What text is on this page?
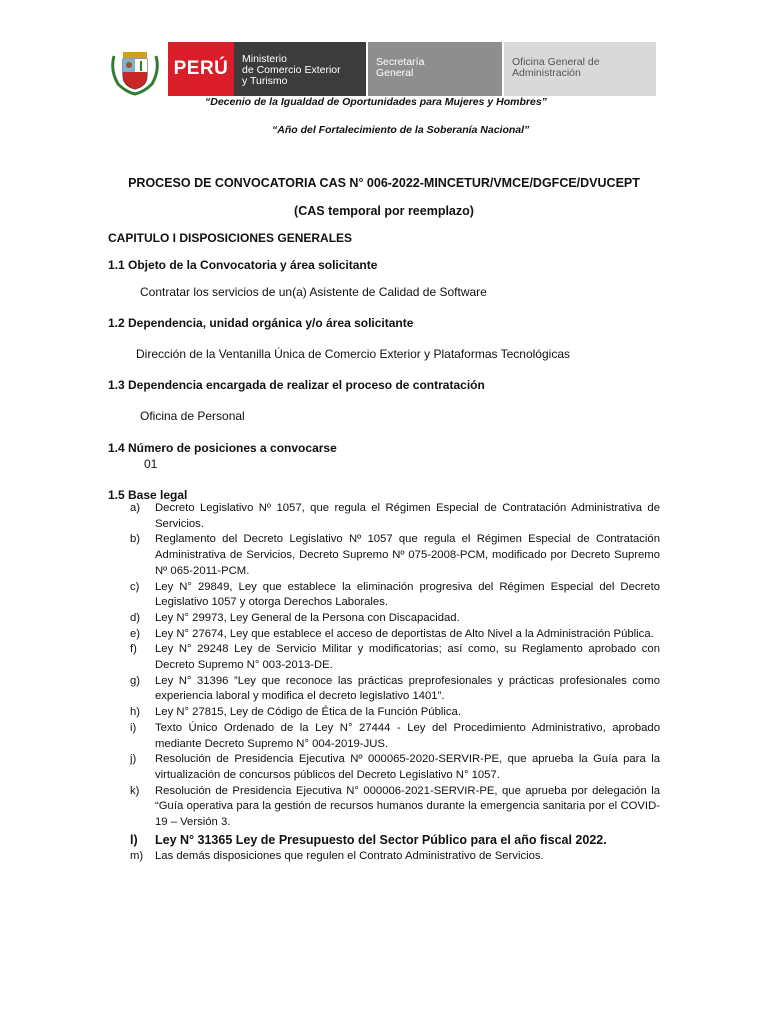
PERÚ	Ministerio
de Comercio Exterior
y Turismo
Secretaría
General
Oficina General de
Administración
“Decenio de la Igualdad de Oportunidades para Mujeres y Hombres”
“Año del Fortalecimiento de la Soberanía Nacional”
PROCESO DE CONVOCATORIA CAS N° 006-2022-MINCETUR/VMCE/DGFCE/DVUCEPT
(CAS temporal por reemplazo)
CAPITULO I DISPOSICIONES GENERALES
1.1 Objeto de la Convocatoria y área solicitante
Contratar los servicios de un(a) Asistente de Calidad de Software
1.2 Dependencia, unidad orgánica y/o área solicitante
Dirección de la Ventanilla Única de Comercio Exterior y Plataformas Tecnológicas
1.3 Dependencia encargada de realizar el proceso de contratación
Oficina de Personal
1.4 Número de posiciones a convocarse
01
1.5 Base legal
a) Decreto Legislativo Nº 1057, que regula el Régimen Especial de Contratación Administrativa de Servicios.
b) Reglamento del Decreto Legislativo Nº 1057 que regula el Régimen Especial de Contratación Administrativa de Servicios, Decreto Supremo Nº 075-2008-PCM, modificado por Decreto Supremo Nº 065-2011-PCM.
c) Ley N° 29849, Ley que establece la eliminación progresiva del Régimen Especial del Decreto Legislativo 1057 y otorga Derechos Laborales.
d) Ley N° 29973, Ley General de la Persona con Discapacidad.
e) Ley N° 27674, Ley que establece el acceso de deportistas de Alto Nivel a la Administración Pública.
f) Ley N° 29248 Ley de Servicio Militar y modificatorias; así como, su Reglamento aprobado con Decreto Supremo N° 003-2013-DE.
g) Ley N° 31396 ”Ley que reconoce las prácticas preprofesionales y prácticas profesionales como experiencia laboral y modifica el decreto legislativo 1401”.
h) Ley N° 27815, Ley de Código de Ética de la Función Pública.
i) Texto Único Ordenado de la Ley N° 27444 - Ley del Procedimiento Administrativo, aprobado mediante Decreto Supremo N° 004-2019-JUS.
j) Resolución de Presidencia Ejecutiva Nº 000065-2020-SERVIR-PE, que aprueba la Guía para la virtualización de concursos públicos del Decreto Legislativo N° 1057.
k) Resolución de Presidencia Ejecutiva N° 000006-2021-SERVIR-PE, que aprueba por delegación la “Guía operativa para la gestión de recursos humanos durante la emergencia sanitaria por el COVID-19 – Versión 3.
l) Ley N° 31365 Ley de Presupuesto del Sector Público para el año fiscal 2022.
m) Las demás disposiciones que regulen el Contrato Administrativo de Servicios.
